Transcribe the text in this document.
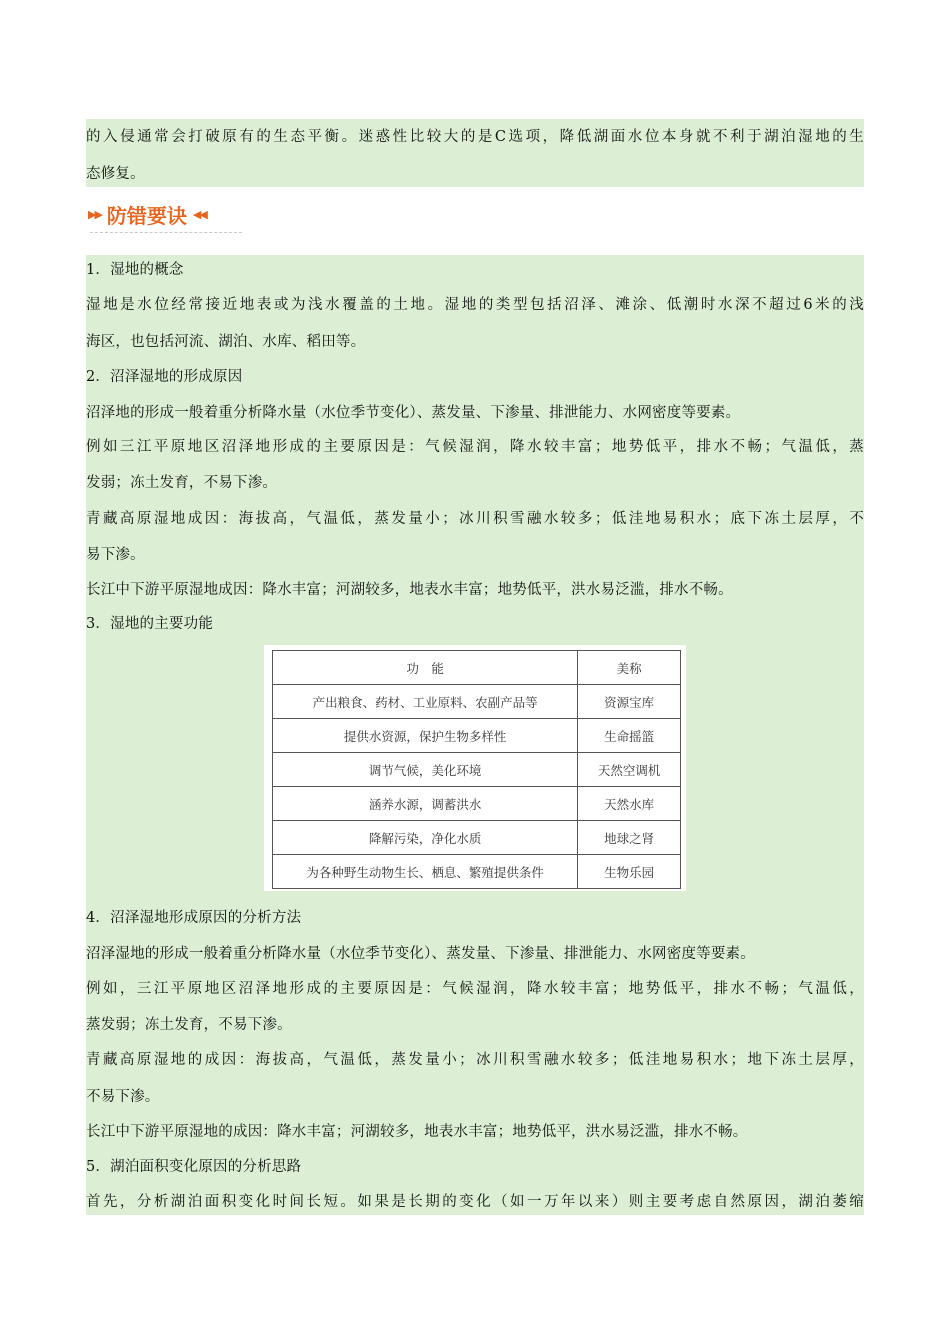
的入侵通常会打破原有的生态平衡。迷惑性比较大的是C选项，降低湖面水位本身就不利于湖泊湿地的生
态修复。
▶▶ 防错要诀 ◀◀
1．湿地的概念
湿地是水位经常接近地表或为浅水覆盖的土地。湿地的类型包括沼泽、滩涂、低潮时水深不超过6米的浅
海区，也包括河流、湖泊、水库、稻田等。
2．沼泽湿地的形成原因
沼泽地的形成一般着重分析降水量（水位季节变化）、蒸发量、下渗量、排泄能力、水网密度等要素。
例如三江平原地区沼泽地形成的主要原因是：气候湿润，降水较丰富；地势低平，排水不畅；气温低，蒸
发弱；冻土发育，不易下渗。
青藏高原湿地成因：海拔高，气温低，蒸发量小；冰川积雪融水较多；低洼地易积水；底下冻土层厚，不
易下渗。
长江中下游平原湿地成因：降水丰富；河湖较多，地表水丰富；地势低平，洪水易泛滥，排水不畅。
3．湿地的主要功能
功　能	美称
产出粮食、药材、工业原料、农副产品等	资源宝库
提供水资源，保护生物多样性	生命摇篮
调节气候，美化环境	天然空调机
涵养水源，调蓄洪水	天然水库
降解污染，净化水质	地球之肾
为各种野生动物生长、栖息、繁殖提供条件	生物乐园
4．沼泽湿地形成原因的分析方法
沼泽湿地的形成一般着重分析降水量（水位季节变化）、蒸发量、下渗量、排泄能力、水网密度等要素。
例如，三江平原地区沼泽地形成的主要原因是：气候湿润，降水较丰富；地势低平，排水不畅；气温低，
蒸发弱；冻土发育，不易下渗。
青藏高原湿地的成因：海拔高，气温低，蒸发量小；冰川积雪融水较多；低洼地易积水；地下冻土层厚，
不易下渗。
长江中下游平原湿地的成因：降水丰富；河湖较多，地表水丰富；地势低平，洪水易泛滥，排水不畅。
5．湖泊面积变化原因的分析思路
首先，分析湖泊面积变化时间长短。如果是长期的变化（如一万年以来）则主要考虑自然原因，湖泊萎缩
